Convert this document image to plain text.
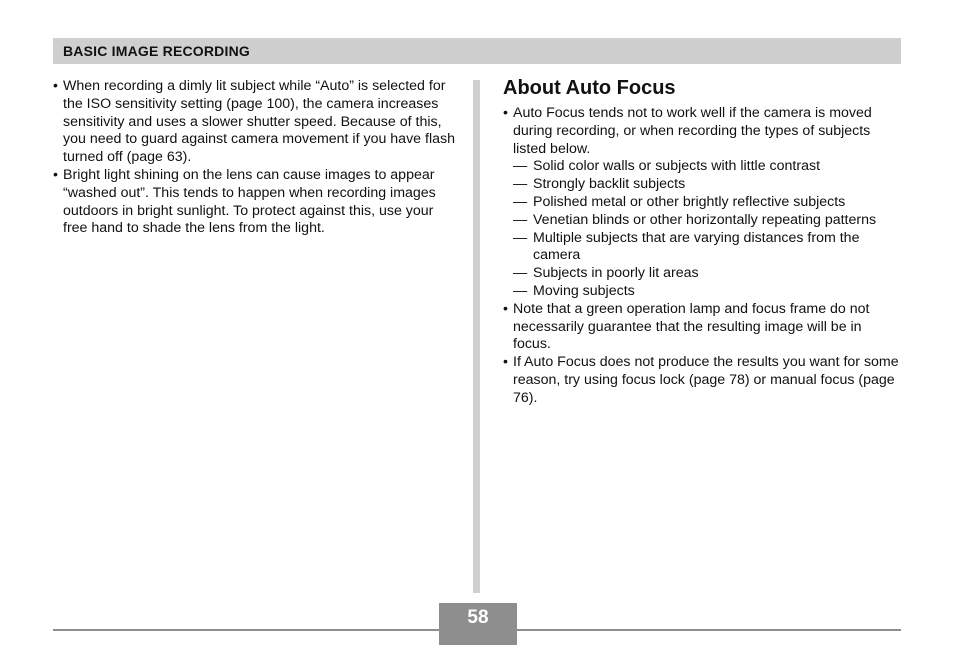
BASIC IMAGE RECORDING
• When recording a dimly lit subject while “Auto” is selected for the ISO sensitivity setting (page 100), the camera increases sensitivity and uses a slower shutter speed. Because of this, you need to guard against camera movement if you have flash turned off (page 63).
• Bright light shining on the lens can cause images to appear “washed out”. This tends to happen when recording images outdoors in bright sunlight. To protect against this, use your free hand to shade the lens from the light.
About Auto Focus
• Auto Focus tends not to work well if the camera is moved during recording, or when recording the types of subjects listed below.
— Solid color walls or subjects with little contrast
— Strongly backlit subjects
— Polished metal or other brightly reflective subjects
— Venetian blinds or other horizontally repeating patterns
— Multiple subjects that are varying distances from the camera
— Subjects in poorly lit areas
— Moving subjects
• Note that a green operation lamp and focus frame do not necessarily guarantee that the resulting image will be in focus.
• If Auto Focus does not produce the results you want for some reason, try using focus lock (page 78) or manual focus (page 76).
58
